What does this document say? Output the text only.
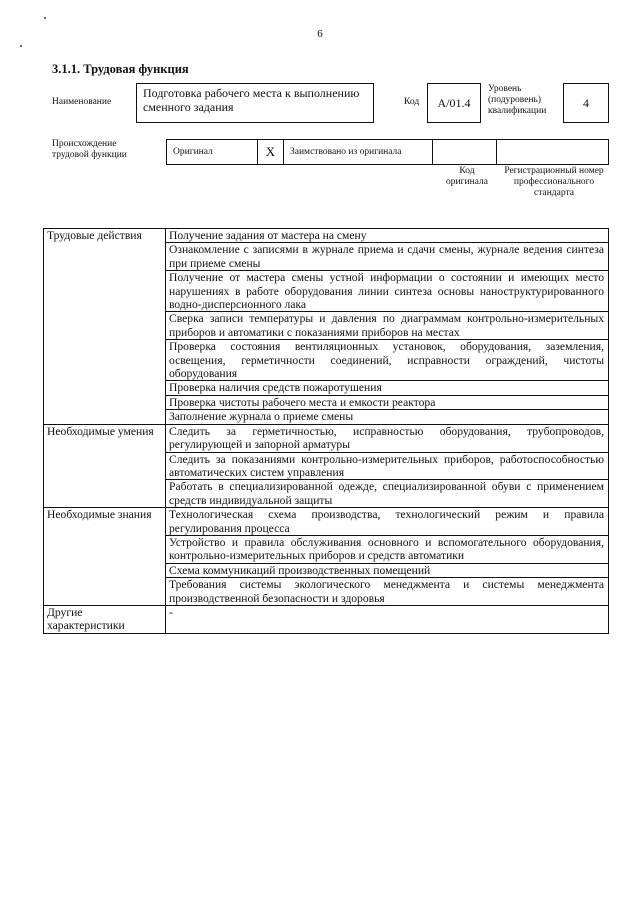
6
3.1.1. Трудовая функция
Наименование
Подготовка рабочего места к выполнению сменного задания	Код А/01.4
Уровень (подуровень) квалификации
4
Происхождение трудовой функции	Оригинал	X Заимствовано из оригинала
Код оригинала
Регистрационный номер профессионального стандарта
Трудовые действия	Получение задания от мастера на смену
	Ознакомление с записями в журнале приема и сдачи смены, журнале ведения синтеза при приеме смены
	Получение от мастера смены устной информации о состоянии и имеющих место нарушениях в работе оборудования линии синтеза основы наноструктурированного водно-дисперсионного лака
	Сверка записи температуры и давления по диаграммам контрольно-измерительных приборов и автоматики с показаниями приборов на местах
	Проверка состояния вентиляционных установок, оборудования, заземления, освещения, герметичности соединений, исправности ограждений, чистоты оборудования
	Проверка наличия средств пожаротушения
	Проверка чистоты рабочего места и емкости реактора
	Заполнение журнала о приеме смены
Необходимые умения	Следить за герметичностью, исправностью оборудования, трубопроводов, регулирующей и запорной арматуры
	Следить за показаниями контрольно-измерительных приборов, работоспособностью автоматических систем управления
	Работать в специализированной одежде, специализированной обуви с применением средств индивидуальной защиты
Необходимые знания	Технологическая схема производства, технологический режим и правила регулирования процесса
	Устройство и правила обслуживания основного и вспомогательного оборудования, контрольно-измерительных приборов и средств автоматики
	Схема коммуникаций производственных помещений
	Требования системы экологического менеджмента и системы менеджмента производственной безопасности и здоровья
Другие характеристики	-
